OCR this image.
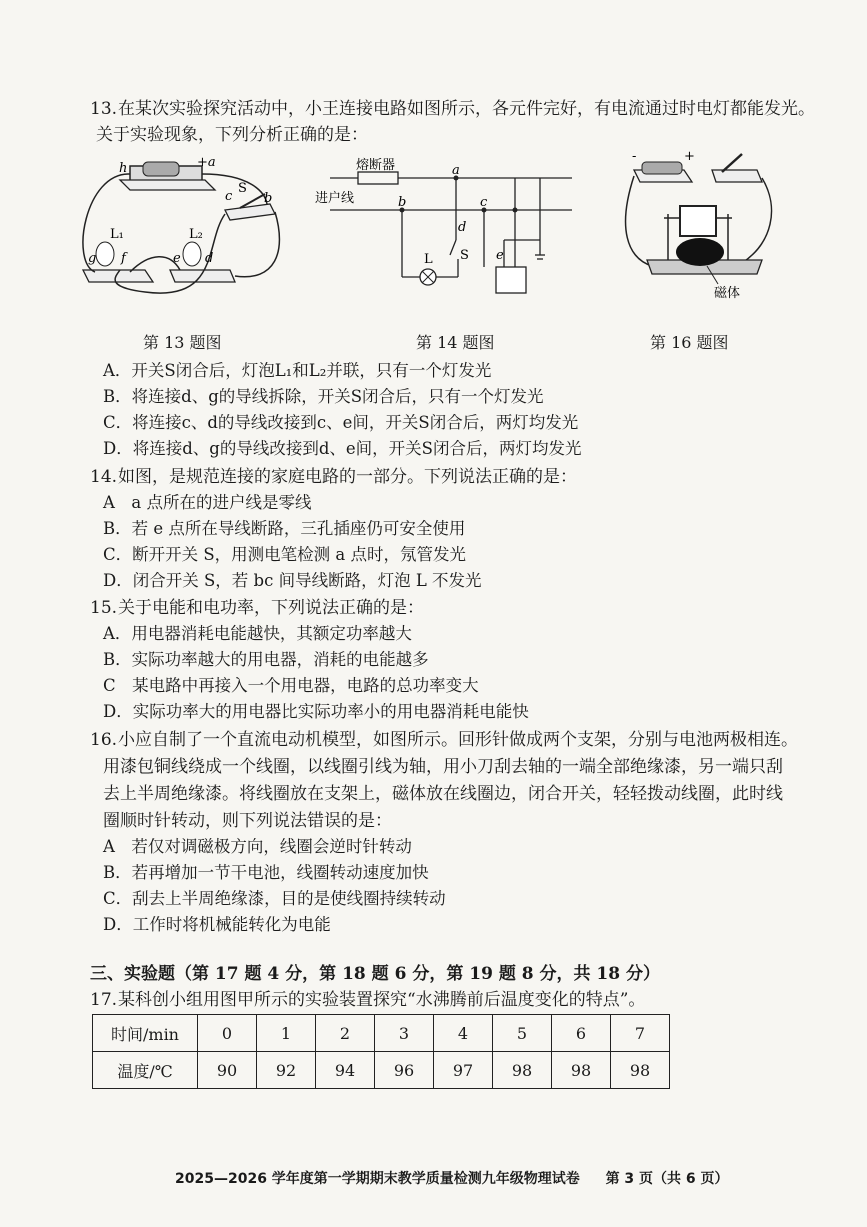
13. 在某次实验探究活动中，小王连接电路如图所示，各元件完好，有电流通过时电灯都能发光。
关于实验现象，下列分析正确的是：
h	+a
c
S
b
L₁	L₂
g f	e d
熔断器
进户线
a
b	c
d
L S e
磁体
-	+
第 13 题图	第 14 题图	第 16 题图
A．开关S闭合后，灯泡L₁和L₂并联，只有一个灯发光
B．将连接d、g的导线拆除，开关S闭合后，只有一个灯发光
C．将连接c、d的导线改接到c、e间，开关S闭合后，两灯均发光
D．将连接d、g的导线改接到d、e间，开关S闭合后，两灯均发光
14. 如图，是规范连接的家庭电路的一部分。下列说法正确的是：
A　a 点所在的进户线是零线
B．若 e 点所在导线断路，三孔插座仍可安全使用
C．断开开关 S，用测电笔检测 a 点时，氖管发光
D．闭合开关 S，若 bc 间导线断路，灯泡 L 不发光
15. 关于电能和电功率，下列说法正确的是：
A．用电器消耗电能越快，其额定功率越大
B．实际功率越大的用电器，消耗的电能越多
C　某电路中再接入一个用电器，电路的总功率变大
D．实际功率大的用电器比实际功率小的用电器消耗电能快
16. 小应自制了一个直流电动机模型，如图所示。回形针做成两个支架，分别与电池两极相连。
用漆包铜线绕成一个线圈，以线圈引线为轴，用小刀刮去轴的一端全部绝缘漆，另一端只刮
去上半周绝缘漆。将线圈放在支架上，磁体放在线圈边，闭合开关，轻轻拨动线圈，此时线
圈顺时针转动，则下列说法错误的是：
A　若仅对调磁极方向，线圈会逆时针转动
B．若再增加一节干电池，线圈转动速度加快
C．刮去上半周绝缘漆，目的是使线圈持续转动
D．工作时将机械能转化为电能
三、实验题（第 17 题 4 分，第 18 题 6 分，第 19 题 8 分，共 18 分）
17. 某科创小组用图甲所示的实验装置探究“水沸腾前后温度变化的特点”。
时间/min	0	1	2	3	4	5	6	7
温度/℃	90	92	94	96	97	98	98	98
2025—2026 学年度第一学期期末教学质量检测九年级物理试卷 第 3 页（共 6 页）
